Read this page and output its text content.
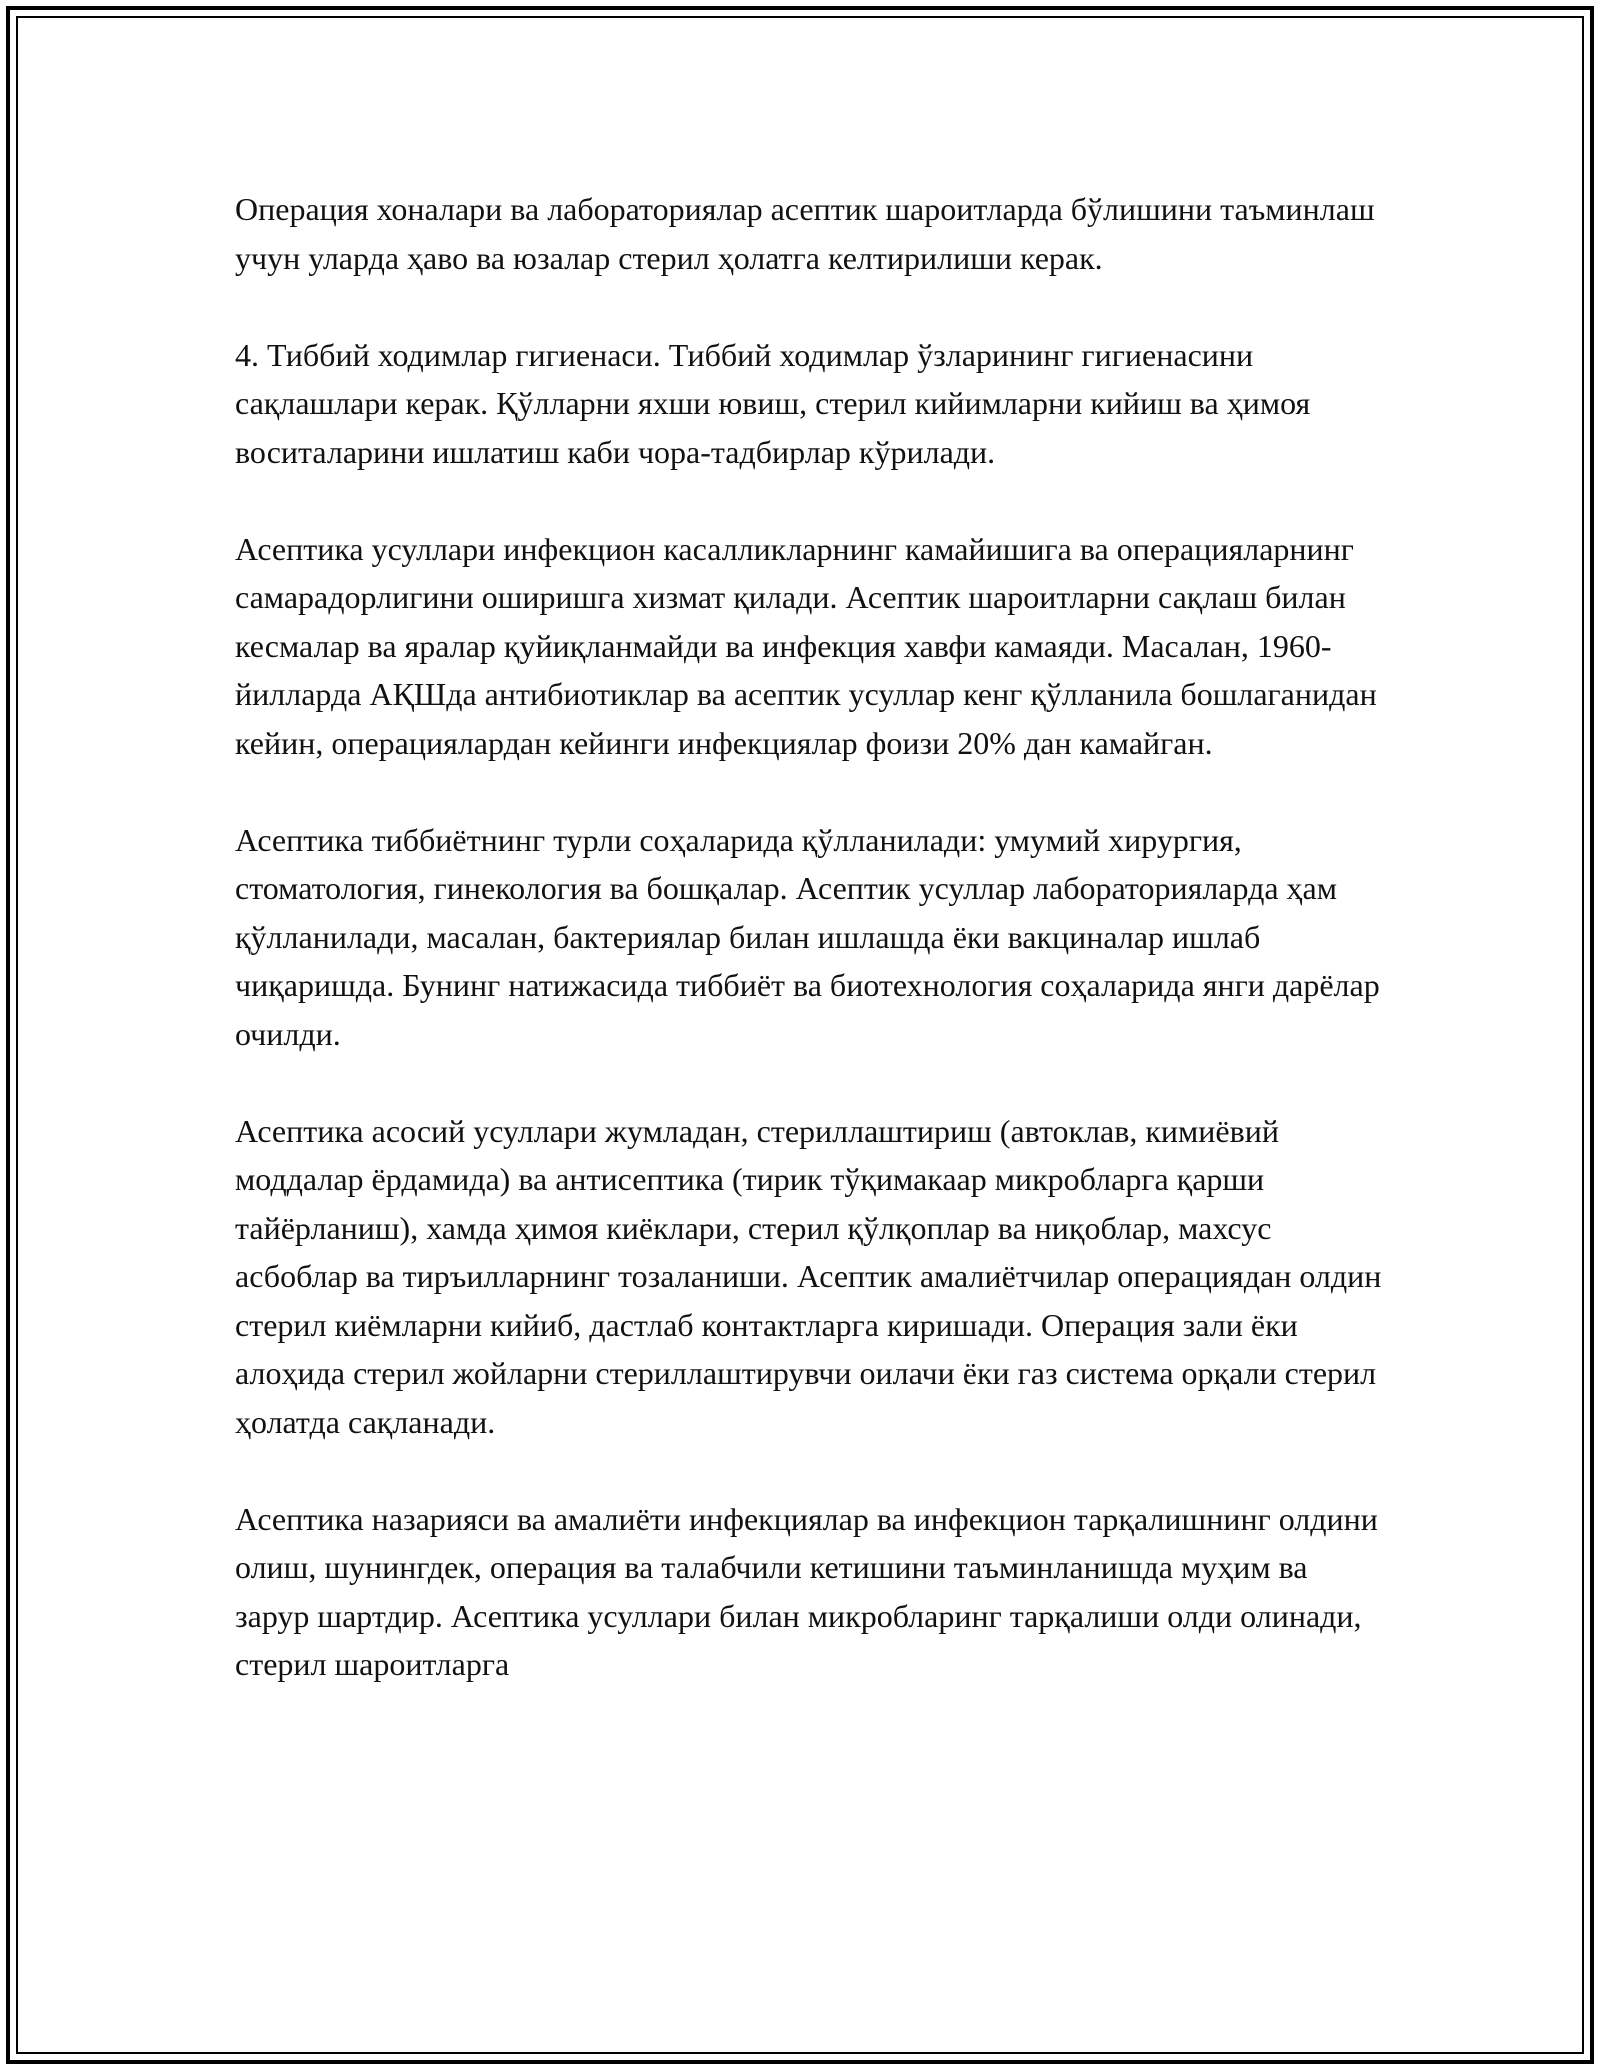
Операция хоналари ва лабораториялар асептик шароитларда бўлишини таъминлаш учун уларда ҳаво ва юзалар стерил ҳолатга келтирилиши керак.

4. Тиббий ходимлар гигиенаси. Тиббий ходимлар ўзларининг гигиенасини сақлашлари керак. Қўлларни яхши ювиш, стерил кийимларни кийиш ва ҳимоя воситаларини ишлатиш каби чора-тадбирлар кўрилади.

Асептика усуллари инфекцион касалликларнинг камайишига ва операцияларнинг самарадорлигини оширишга хизмат қилади. Асептик шароитларни сақлаш билан кесмалар ва яралар қуйиқланмайди ва инфекция хавфи камаяди. Масалан, 1960-йилларда АҚШда антибиотиклар ва асептик усуллар кенг қўлланила бошлаганидан кейин, операциялардан кейинги инфекциялар фоизи 20% дан камайган.

Асептика тиббиётнинг турли соҳаларида қўлланилади: умумий хирургия, стоматология, гинекология ва бошқалар. Асептик усуллар лабораторияларда ҳам қўлланилади, масалан, бактериялар билан ишлашда ёки вакциналар ишлаб чиқаришда. Бунинг натижасида тиббиёт ва биотехнология соҳаларида янги дарёлар очилди.

Асептика асосий усуллари жумладан, стериллаштириш (автоклав, кимиёвий моддалар ёрдамида) ва антисептика (тирик тўқимакаар микробларга қарши тайёрланиш), хамда ҳимоя киёклари, стерил қўлқоплар ва ниқоблар, махсус асбоблар ва тиръилларнинг тозаланиши. Асептик амалиётчилар операциядан олдин стерил киёмларни кийиб, дастлаб контактларга киришади. Операция зали ёки алоҳида стерил жойларни стериллаштирувчи оилачи ёки газ система орқали стерил ҳолатда сақланади.

Асептика назарияси ва амалиёти инфекциялар ва инфекцион тарқалишнинг олдини олиш, шунингдек, операция ва талабчили кетишини таъминланишда муҳим ва зарур шартдир. Асептика усуллари билан микробларинг тарқалиши олди олинади, стерил шароитларга
